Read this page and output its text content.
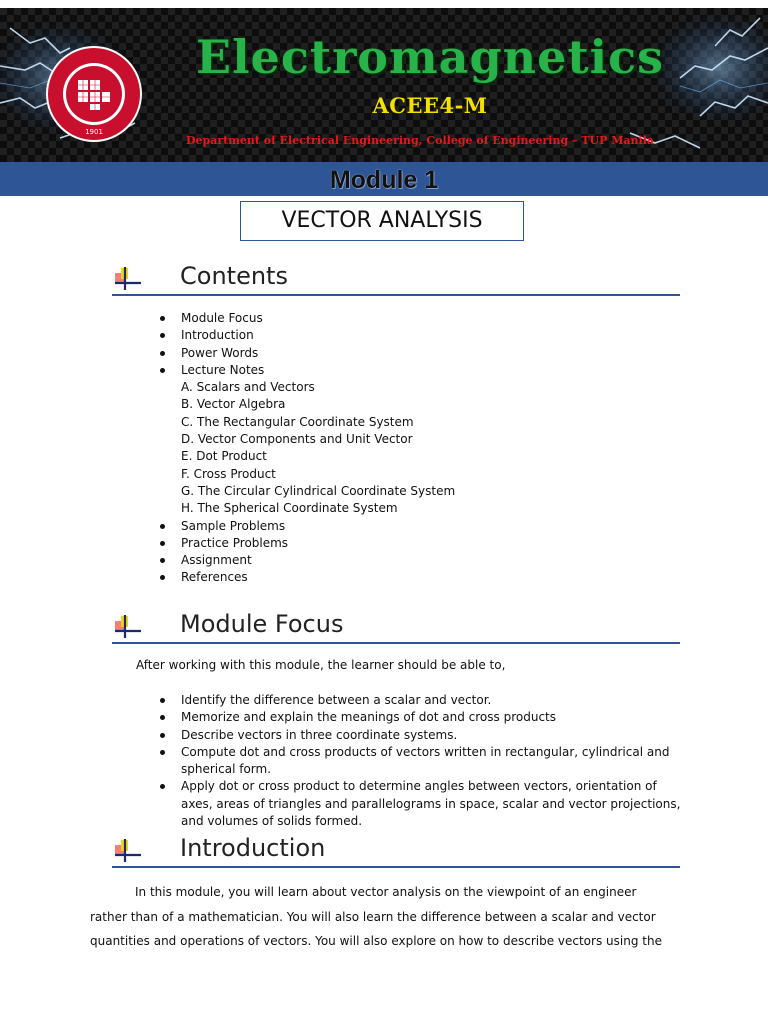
1901
Electromagnetics
ACEE4-M
Department of Electrical Engineering, College of Engineering – TUP Manila
Module 1
VECTOR ANALYSIS
Contents
Module Focus
Introduction
Power Words
Lecture Notes
A. Scalars and Vectors
B. Vector Algebra
C. The Rectangular Coordinate System
D. Vector Components and Unit Vector
E. Dot Product
F. Cross Product
G. The Circular Cylindrical Coordinate System
H. The Spherical Coordinate System
Sample Problems
Practice Problems
Assignment
References
Module Focus
After working with this module, the learner should be able to,
Identify the difference between a scalar and vector.
Memorize and explain the meanings of dot and cross products
Describe vectors in three coordinate systems.
Compute dot and cross products of vectors written in rectangular, cylindrical and
spherical form.
Apply dot or cross product to determine angles between vectors, orientation of
axes, areas of triangles and parallelograms in space, scalar and vector projections,
and volumes of solids formed.
Introduction
In this module, you will learn about vector analysis on the viewpoint of an engineer
rather than of a mathematician. You will also learn the difference between a scalar and vector
quantities and operations of vectors. You will also explore on how to describe vectors using the
